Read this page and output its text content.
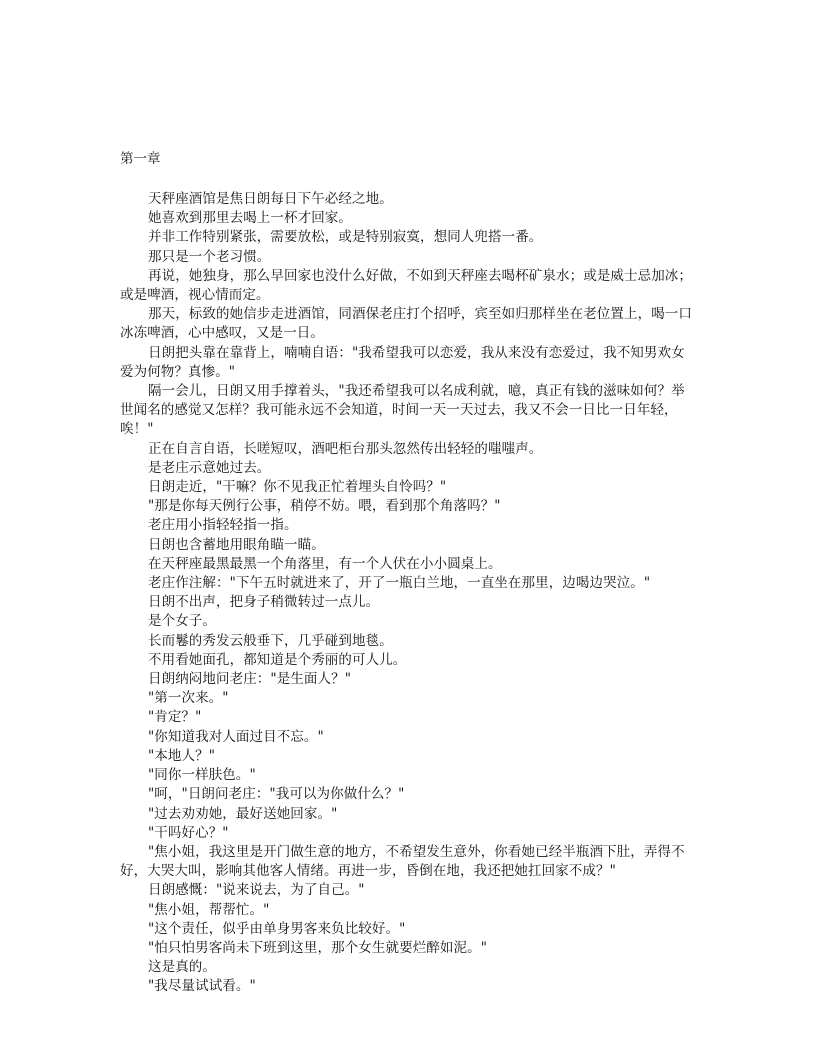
第一章

天秤座酒馆是焦日朗每日下午必经之地。

她喜欢到那里去喝上一杯才回家。

并非工作特别紧张，需要放松，或是特别寂寞，想同人兜搭一番。

那只是一个老习惯。

再说，她独身，那么早回家也没什么好做，不如到天秤座去喝杯矿泉水；或是威士忌加冰；或是啤酒，视心情而定。

那天，标致的她信步走进酒馆，同酒保老庄打个招呼，宾至如归那样坐在老位置上，喝一口冰冻啤酒，心中感叹，又是一日。

日朗把头靠在靠背上，喃喃自语："我希望我可以恋爱，我从来没有恋爱过，我不知男欢女爱为何物？真惨。"

隔一会儿，日朗又用手撑着头，"我还希望我可以名成利就，噫，真正有钱的滋味如何？举世闻名的感觉又怎样？我可能永远不会知道，时间一天一天过去，我又不会一日比一日年轻，唉！"

正在自言自语，长嗟短叹，酒吧柜台那头忽然传出轻轻的嗤嗤声。

是老庄示意她过去。

日朗走近，"干嘛？你不见我正忙着埋头自怜吗？"

"那是你每天例行公事，稍停不妨。喂，看到那个角落吗？"

老庄用小指轻轻指一指。

日朗也含蓄地用眼角瞄一瞄。

在天秤座最黑最黑一个角落里，有一个人伏在小小圆桌上。

老庄作注解："下午五时就进来了，开了一瓶白兰地，一直坐在那里，边喝边哭泣。"

日朗不出声，把身子稍微转过一点儿。

是个女子。

长而鬈的秀发云般垂下，几乎碰到地毯。

不用看她面孔，都知道是个秀丽的可人儿。

日朗纳闷地问老庄："是生面人？"

"第一次来。"

"肯定？"

"你知道我对人面过目不忘。"

"本地人？"

"同你一样肤色。"

"呵，"日朗问老庄："我可以为你做什么？"

"过去劝劝她，最好送她回家。"

"干吗好心？"

"焦小姐，我这里是开门做生意的地方，不希望发生意外，你看她已经半瓶酒下肚，弄得不好，大哭大叫，影响其他客人情绪。再进一步，昏倒在地，我还把她扛回家不成？"

日朗感慨："说来说去，为了自己。"

"焦小姐，帮帮忙。"

"这个责任，似乎由单身男客来负比较好。"

"怕只怕男客尚未下班到这里，那个女生就要烂醉如泥。"

这是真的。

"我尽量试试看。"
